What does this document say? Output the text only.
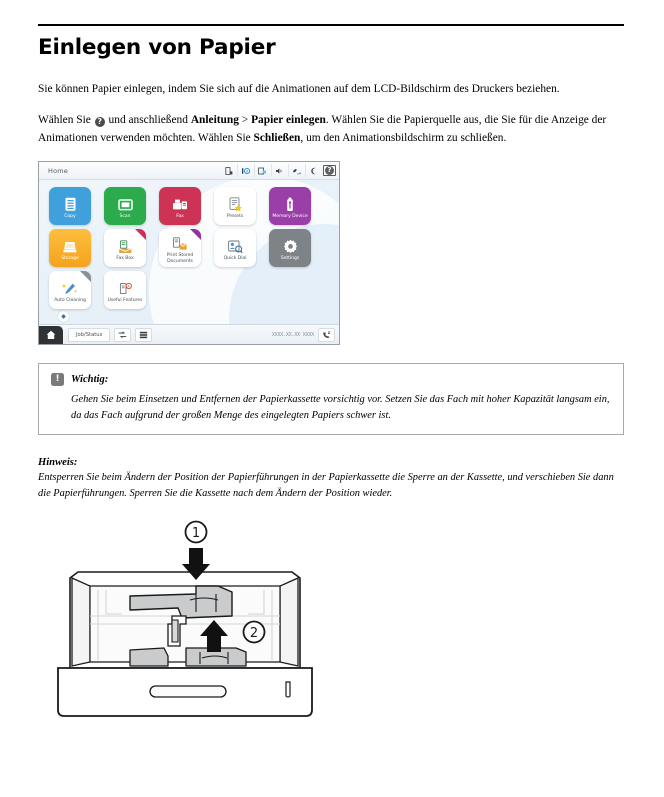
Einlegen von Papier

Sie können Papier einlegen, indem Sie sich auf die Animationen auf dem LCD-Bildschirm des Druckers beziehen.

Wählen Sie ? und anschließend Anleitung > Papier einlegen. Wählen Sie die Papierquelle aus, die Sie für die Anzeige der Animationen verwenden möchten. Wählen Sie Schließen, um den Animationsbildschirm zu schließen.

Home	off	?
Copy	Scan	Fax	Presets	Memory Device
Storage	Fax Box
Print Stored Documents
Quick Dial	Settings
Auto Cleaning
A
Useful Features
◆
Job/Status	XXXX.XX.XX XXXX
!	Wichtig:
Gehen Sie beim Einsetzen und Entfernen der Papierkassette vorsichtig vor. Setzen Sie das Fach mit hoher Kapazität langsam ein, da das Fach aufgrund der großen Menge des eingelegten Papiers schwer ist.
Hinweis:
Entsperren Sie beim Ändern der Position der Papierführungen in der Papierkassette die Sperre an der Kassette, und verschieben Sie dann die Papierführungen. Sperren Sie die Kassette nach dem Ändern der Position wieder.
1
2
